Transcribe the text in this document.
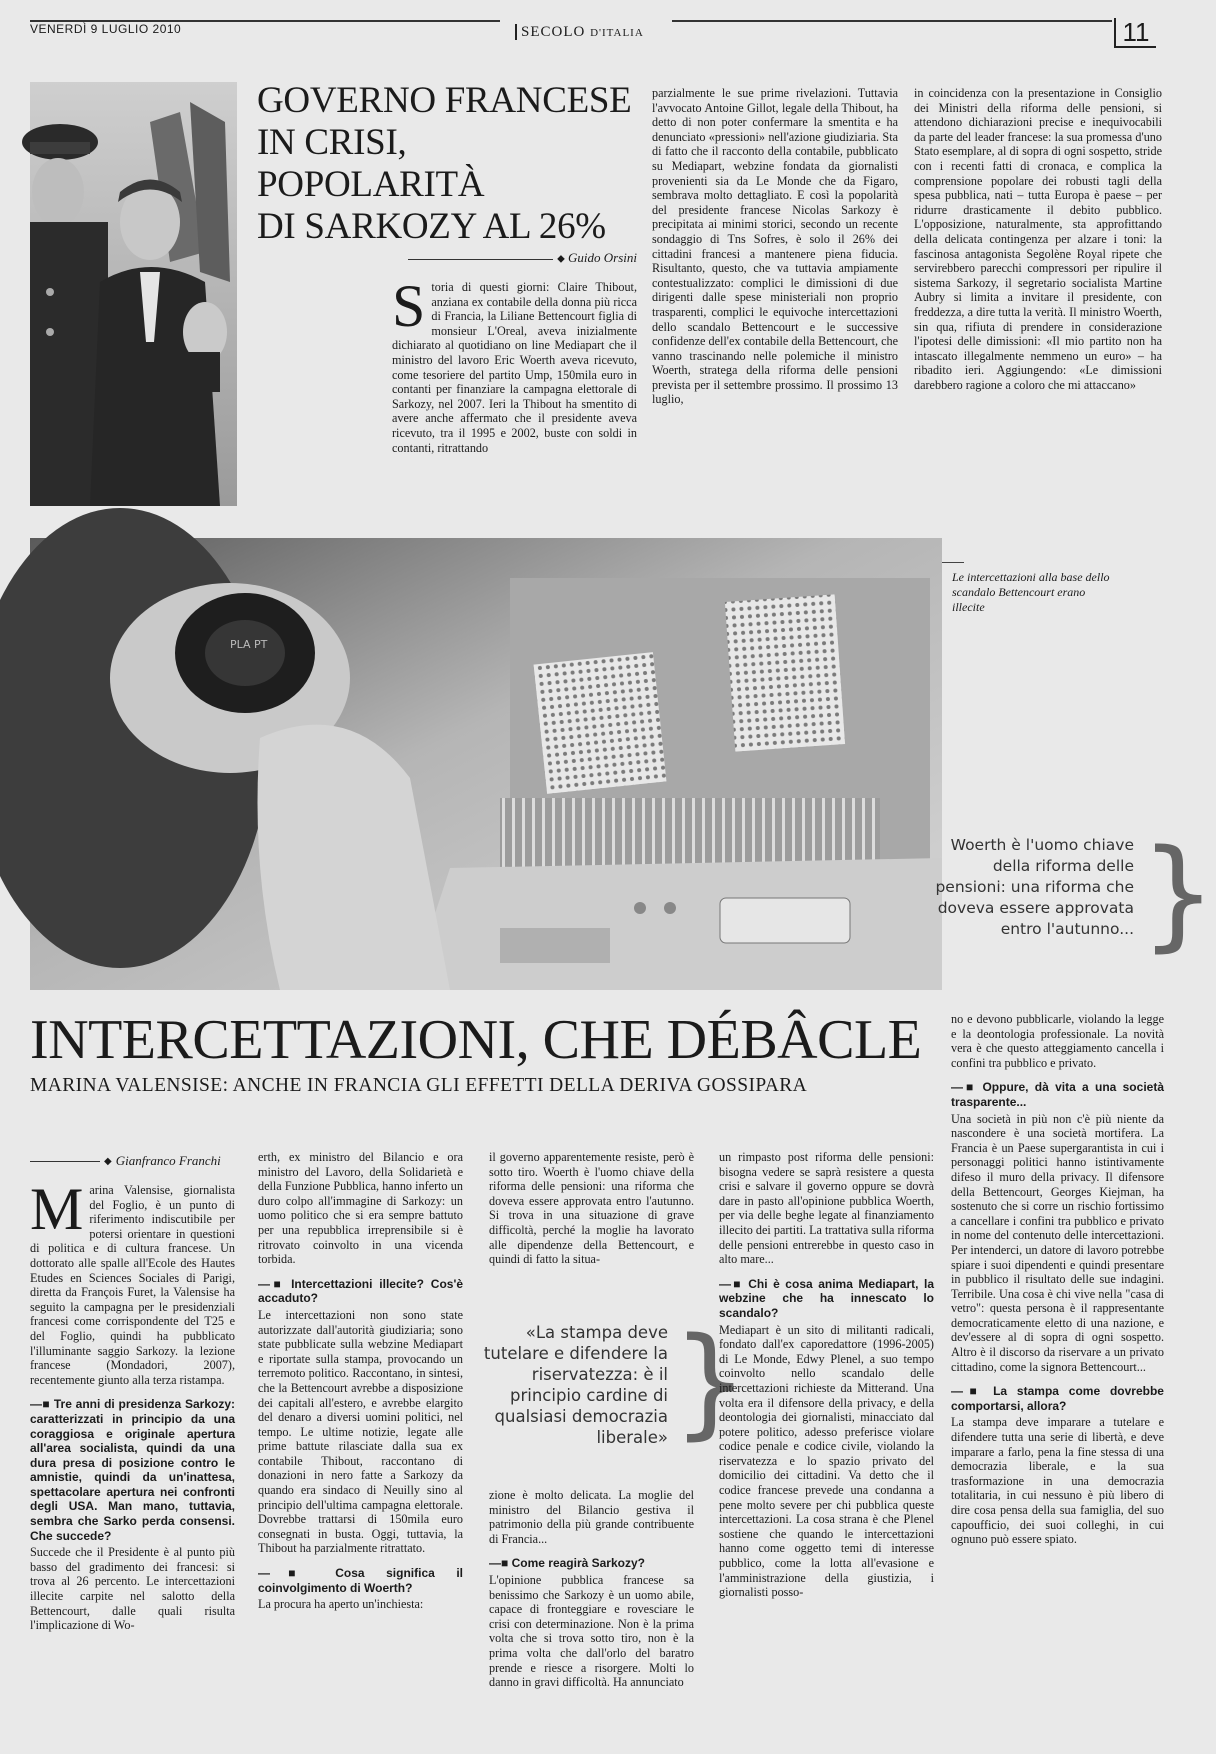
VENERDÌ 9 LUGLIO 2010	SECOLO D'ITALIA	11
GOVERNO FRANCESE
IN CRISI, POPOLARITÀ
DI SARKOZY AL 26%
◆ Guido Orsini
Storia di questi giorni: Claire Thibout, anziana ex contabile della donna più ricca di Francia, la Liliane Bettencourt figlia di monsieur L'Oreal, aveva inizialmente dichiarato al quotidiano on line Mediapart che il ministro del lavoro Eric Woerth aveva ricevuto, come tesoriere del partito Ump, 150mila euro in contanti per finanziare la campagna elettorale di Sarkozy, nel 2007. Ieri la Thibout ha smentito di avere anche affermato che il presidente aveva ricevuto, tra il 1995 e 2002, buste con soldi in contanti, ritrattando
parzialmente le sue prime rivelazioni. Tuttavia l'avvocato Antoine Gillot, legale della Thibout, ha detto di non poter confermare la smentita e ha denunciato «pressioni» nell'azione giudiziaria. Sta di fatto che il racconto della contabile, pubblicato su Mediapart, webzine fondata da giornalisti provenienti sia da Le Monde che da Figaro, sembrava molto dettagliato. E così la popolarità del presidente francese Nicolas Sarkozy è precipitata ai minimi storici, secondo un recente sondaggio di Tns Sofres, è solo il 26% dei cittadini francesi a mantenere piena fiducia. Risultanto, questo, che va tuttavia ampiamente contestualizzato: complici le dimissioni di due dirigenti dalle spese ministeriali non proprio trasparenti, complici le equivoche intercettazioni dello scandalo Bettencourt e le successive confidenze dell'ex contabile della Bettencourt, che vanno trascinando nelle polemiche il ministro Woerth, stratega della riforma delle pensioni prevista per il settembre prossimo. Il prossimo 13 luglio,
in coincidenza con la presentazione in Consiglio dei Ministri della riforma delle pensioni, si attendono dichiarazioni precise e inequivocabili da parte del leader francese: la sua promessa d'uno Stato esemplare, al di sopra di ogni sospetto, stride con i recenti fatti di cronaca, e complica la comprensione popolare dei robusti tagli della spesa pubblica, nati – tutta Europa è paese – per ridurre drasticamente il debito pubblico. L'opposizione, naturalmente, sta approfittando della delicata contingenza per alzare i toni: la fascinosa antagonista Segolène Royal ripete che servirebbero parecchi compressori per ripulire il sistema Sarkozy, il segretario socialista Martine Aubry si limita a invitare il presidente, con freddezza, a dire tutta la verità. Il ministro Woerth, sin qua, rifiuta di prendere in considerazione l'ipotesi delle dimissioni: «Il mio partito non ha intascato illegalmente nemmeno un euro» – ha ribadito ieri. Aggiungendo: «Le dimissioni darebbero ragione a coloro che mi attaccano»
PLA PT
Le intercettazioni alla base dello scandalo Bettencourt erano illecite
Woerth è l'uomo chiave della riforma delle pensioni: una riforma che doveva essere approvata entro l'autunno... }
INTERCETTAZIONI, CHE DÉBÂCLE
MARINA VALENSISE: ANCHE IN FRANCIA GLI EFFETTI DELLA DERIVA GOSSIPARA
◆ Gianfranco Franchi
Marina Valensise, giornalista del Foglio, è un punto di riferimento indiscutibile per potersi orientare in questioni di politica e di cultura francese. Un dottorato alle spalle all'Ecole des Hautes Etudes en Sciences Sociales di Parigi, diretta da François Furet, la Valensise ha seguito la campagna per le presidenziali francesi come corrispondente del T25 e del Foglio, quindi ha pubblicato l'illuminante saggio Sarkozy. la lezione francese (Mondadori, 2007), recentemente giunto alla terza ristampa.
—■ Tre anni di presidenza Sarkozy: caratterizzati in principio da una coraggiosa e originale apertura all'area socialista, quindi da una dura presa di posizione contro le amnistie, quindi da un'inattesa, spettacolare apertura nei confronti degli USA. Man mano, tuttavia, sembra che Sarko perda consensi. Che succede?
Succede che il Presidente è al punto più basso del gradimento dei francesi: si trova al 26 percento. Le intercettazioni illecite carpite nel salotto della Bettencourt, dalle quali risulta l'implicazione di Wo-
erth, ex ministro del Bilancio e ora ministro del Lavoro, della Solidarietà e della Funzione Pubblica, hanno inferto un duro colpo all'immagine di Sarkozy: un uomo politico che si era sempre battuto per una repubblica irreprensibile si è ritrovato coinvolto in una vicenda torbida.
—■ Intercettazioni illecite? Cos'è accaduto?
Le intercettazioni non sono state autorizzate dall'autorità giudiziaria; sono state pubblicate sulla webzine Mediapart e riportate sulla stampa, provocando un terremoto politico. Raccontano, in sintesi, che la Bettencourt avrebbe a disposizione dei capitali all'estero, e avrebbe elargito del denaro a diversi uomini politici, nel tempo. Le ultime notizie, legate alle prime battute rilasciate dalla sua ex contabile Thibout, raccontano di donazioni in nero fatte a Sarkozy da quando era sindaco di Neuilly sino al principio dell'ultima campagna elettorale. Dovrebbe trattarsi di 150mila euro consegnati in busta. Oggi, tuttavia, la Thibout ha parzialmente ritrattato.
—■ Cosa significa il coinvolgimento di Woerth?
La procura ha aperto un'inchiesta:
il governo apparentemente resiste, però è sotto tiro. Woerth è l'uomo chiave della riforma delle pensioni: una riforma che doveva essere approvata entro l'autunno. Si trova in una situazione di grave difficoltà, perché la moglie ha lavorato alle dipendenze della Bettencourt, e quindi di fatto la situa-
«La stampa deve tutelare e difendere la riservatezza: è il principio cardine di qualsiasi democrazia liberale» }
zione è molto delicata. La moglie del ministro del Bilancio gestiva il patrimonio della più grande contribuente di Francia...
—■ Come reagirà Sarkozy?
L'opinione pubblica francese sa benissimo che Sarkozy è un uomo abile, capace di fronteggiare e rovesciare le crisi con determinazione. Non è la prima volta che si trova sotto tiro, non è la prima volta che dall'orlo del baratro prende e riesce a risorgere. Molti lo danno in gravi difficoltà. Ha annunciato
un rimpasto post riforma delle pensioni: bisogna vedere se saprà resistere a questa crisi e salvare il governo oppure se dovrà dare in pasto all'opinione pubblica Woerth, per via delle beghe legate al finanziamento illecito dei partiti. La trattativa sulla riforma delle pensioni entrerebbe in questo caso in alto mare...
—■ Chi è cosa anima Mediapart, la webzine che ha innescato lo scandalo?
Mediapart è un sito di militanti radicali, fondato dall'ex caporedattore (1996-2005) di Le Monde, Edwy Plenel, a suo tempo coinvolto nello scandalo delle intercettazioni richieste da Mitterand. Una volta era il difensore della privacy, e della deontologia dei giornalisti, minacciato dal potere politico, adesso preferisce violare codice penale e codice civile, violando la riservatezza e lo spazio privato del domicilio dei cittadini. Va detto che il codice francese prevede una condanna a pene molto severe per chi pubblica queste intercettazioni. La cosa strana è che Plenel sostiene che quando le intercettazioni hanno come oggetto temi di interesse pubblico, come la lotta all'evasione e l'amministrazione della giustizia, i giornalisti posso-
no e devono pubblicarle, violando la legge e la deontologia professionale. La novità vera è che questo atteggiamento cancella i confini tra pubblico e privato.
—■ Oppure, dà vita a una società trasparente...
Una società in più non c'è più niente da nascondere è una società mortifera. La Francia è un Paese supergarantista in cui i personaggi politici hanno istintivamente difeso il muro della privacy. Il difensore della Bettencourt, Georges Kiejman, ha sostenuto che si corre un rischio fortissimo a cancellare i confini tra pubblico e privato in nome del contenuto delle intercettazioni. Per intenderci, un datore di lavoro potrebbe spiare i suoi dipendenti e quindi presentare in pubblico il risultato delle sue indagini. Terribile. Una cosa è chi vive nella "casa di vetro": questa persona è il rappresentante democraticamente eletto di una nazione, e dev'essere al di sopra di ogni sospetto. Altro è il discorso da riservare a un privato cittadino, come la signora Bettencourt...
—■ La stampa come dovrebbe comportarsi, allora?
La stampa deve imparare a tutelare e difendere tutta una serie di libertà, e deve imparare a farlo, pena la fine stessa di una democrazia liberale, e la sua trasformazione in una democrazia totalitaria, in cui nessuno è più libero di dire cosa pensa della sua famiglia, del suo capoufficio, dei suoi colleghi, in cui ognuno può essere spiato.
